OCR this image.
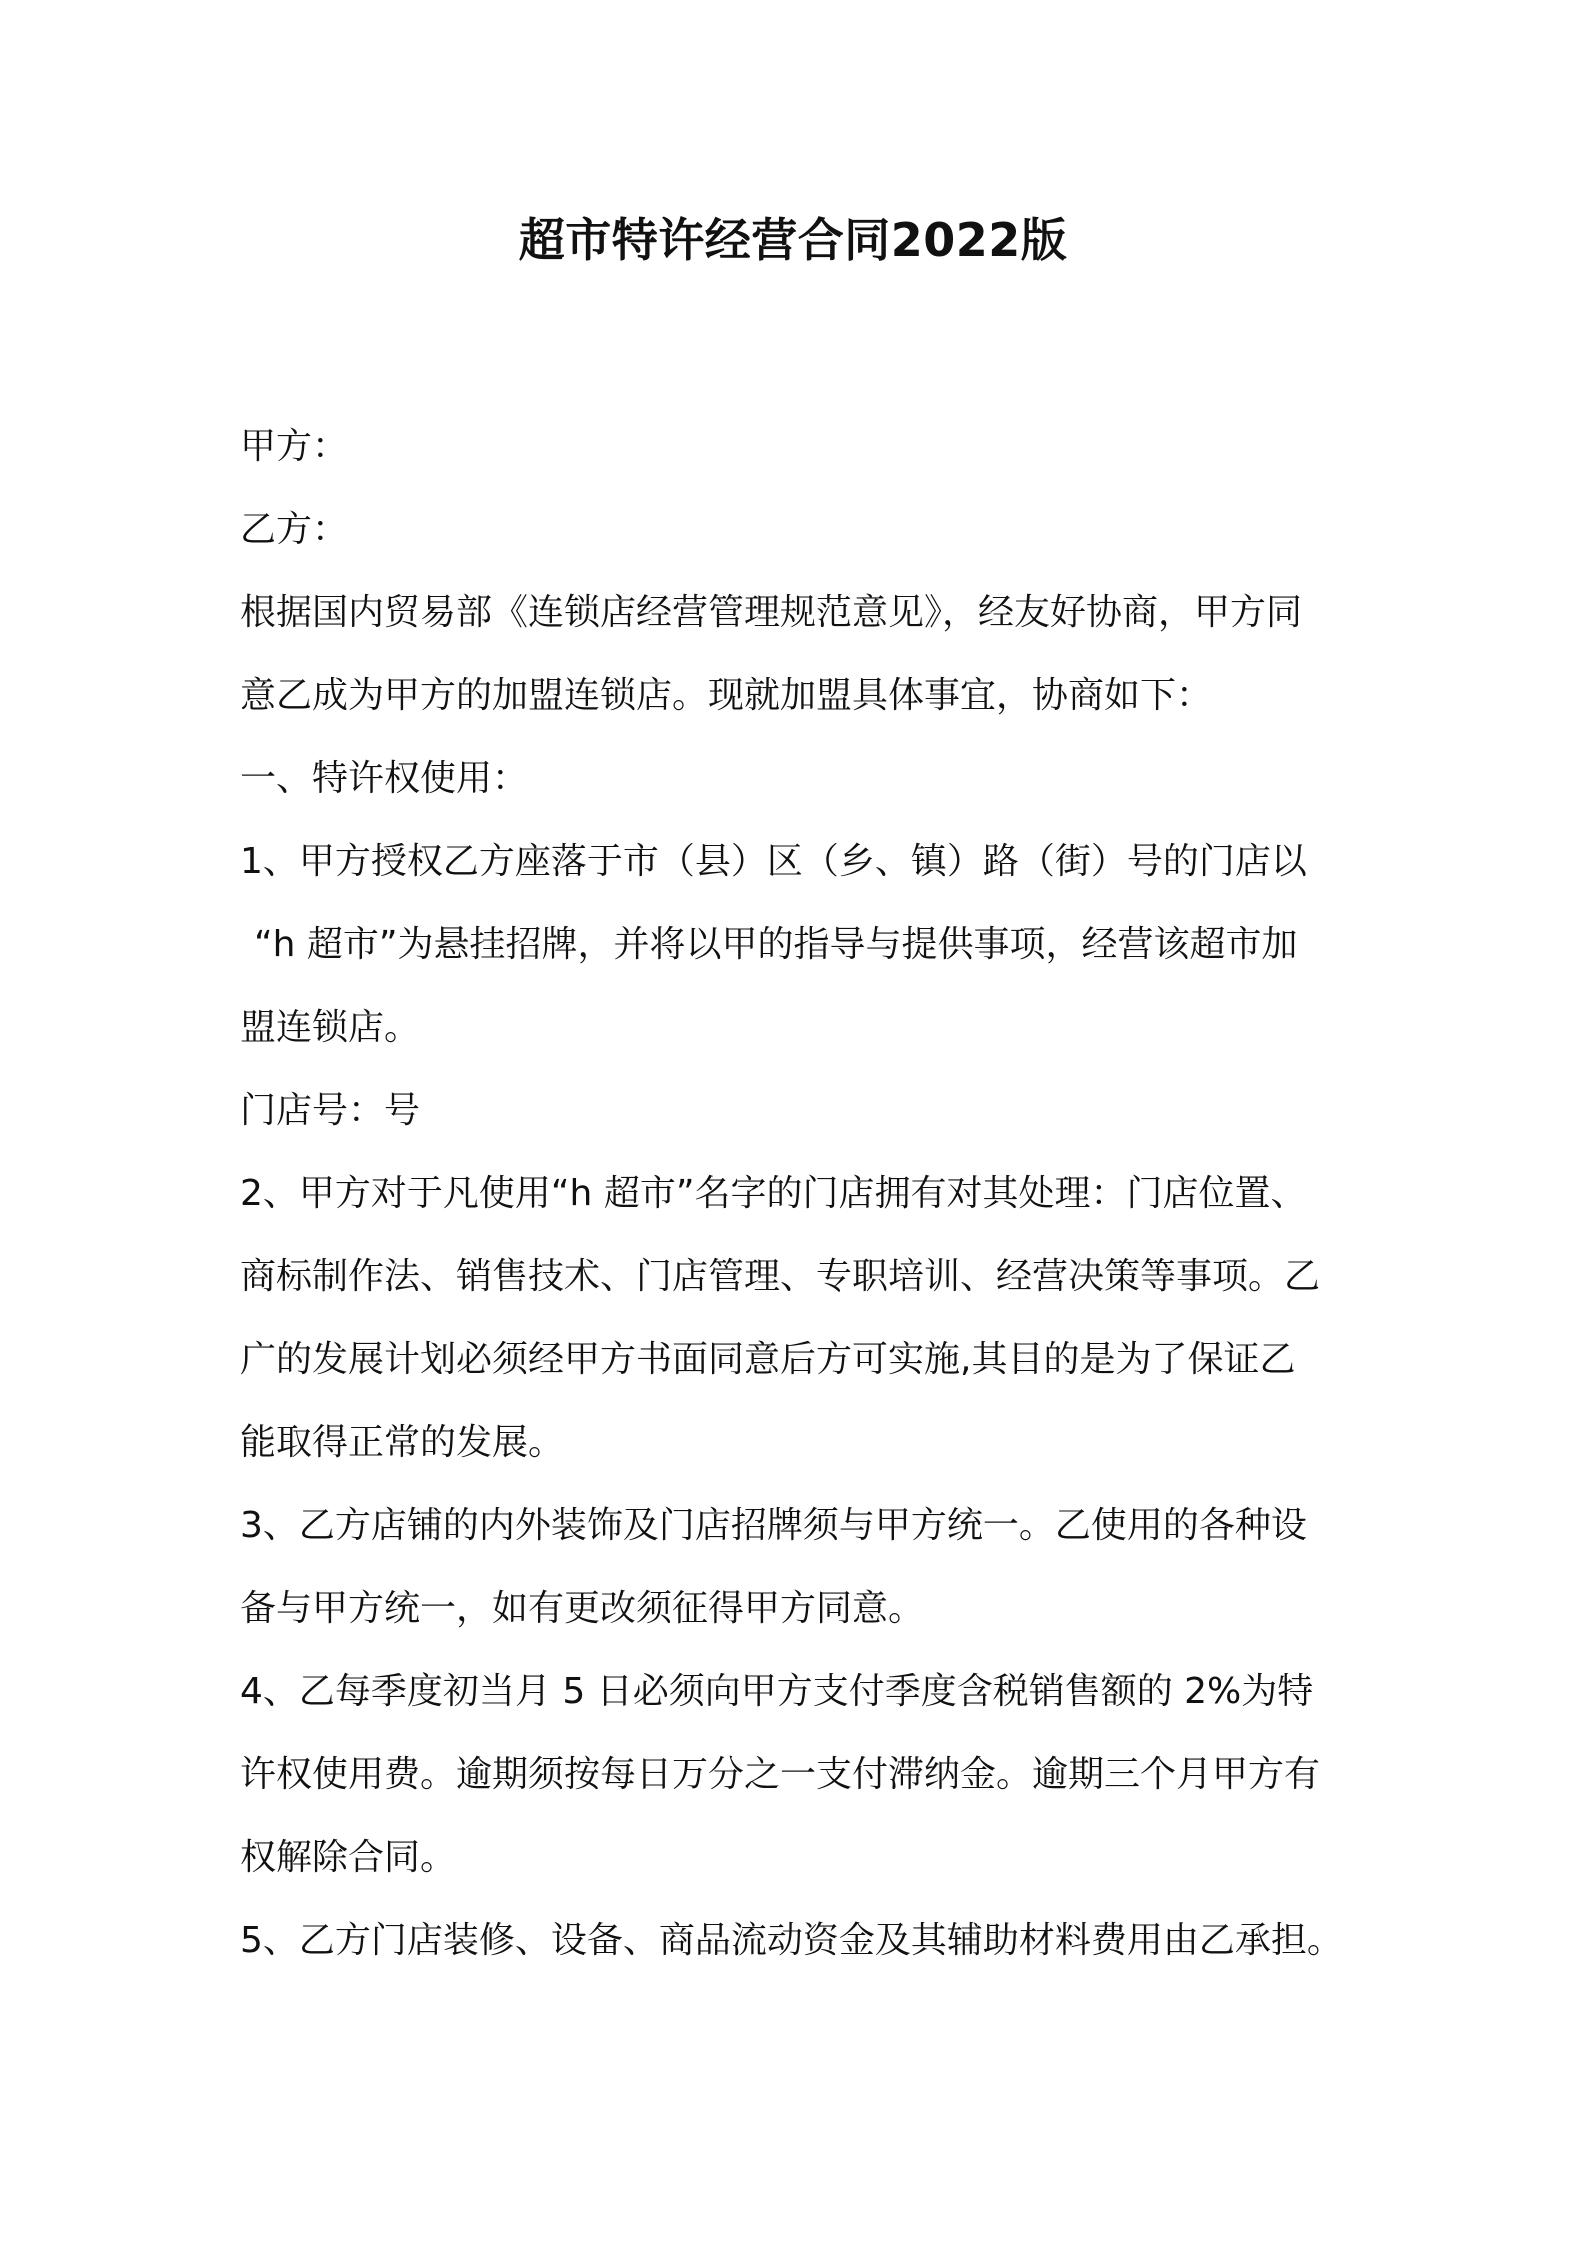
超市特许经营合同2022版

甲方：

乙方：

根据国内贸易部《连锁店经营管理规范意见》，经友好协商，甲方同
意乙成为甲方的加盟连锁店。现就加盟具体事宜，协商如下：

一、特许权使用：

1、甲方授权乙方座落于市（县）区（乡、镇）路（街）号的门店以
“h 超市”为悬挂招牌，并将以甲的指导与提供事项，经营该超市加
盟连锁店。

门店号：号

2、甲方对于凡使用“h 超市”名字的门店拥有对其处理：门店位置、
商标制作法、销售技术、门店管理、专职培训、经营决策等事项。乙
广的发展计划必须经甲方书面同意后方可实施,其目的是为了保证乙
能取得正常的发展。

3、乙方店铺的内外装饰及门店招牌须与甲方统一。乙使用的各种设
备与甲方统一，如有更改须征得甲方同意。

4、乙每季度初当月 5 日必须向甲方支付季度含税销售额的 2%为特
许权使用费。逾期须按每日万分之一支付滞纳金。逾期三个月甲方有
权解除合同。

5、乙方门店装修、设备、商品流动资金及其辅助材料费用由乙承担。
